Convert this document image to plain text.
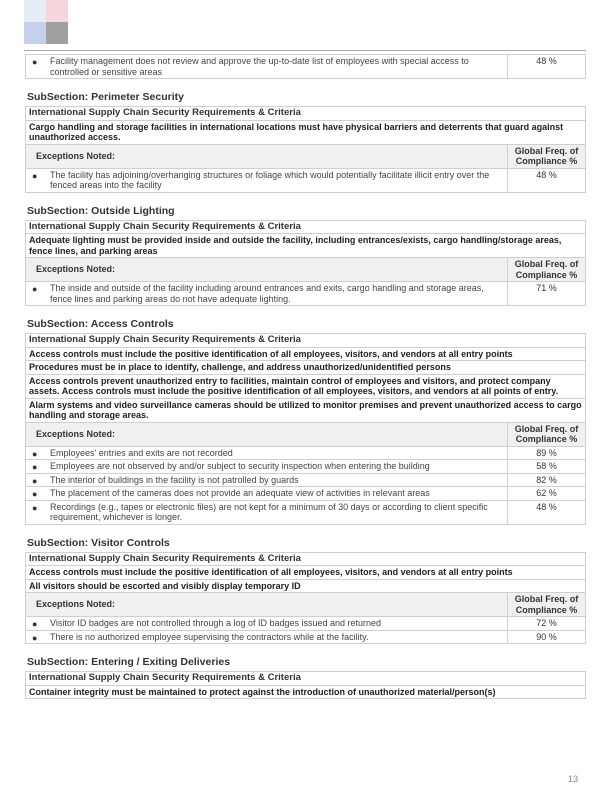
● Facility management does not review and approve the up-to-date list of employees with special access to controlled or sensitive areas	48 %
SubSection: Perimeter Security
International Supply Chain Security Requirements & Criteria	
Cargo handling and storage facilities in international locations must have physical barriers and deterrents that guard against unauthorized access.	
Exceptions Noted:	Global Freq. of Compliance %

● The facility has adjoining/overhanging structures or foliage which would potentially facilitate illicit entry over the fenced areas into the facility	48 %
SubSection: Outside Lighting
International Supply Chain Security Requirements & Criteria	
Adequate lighting must be provided inside and outside the facility, including entrances/exists, cargo handling/storage areas, fence lines, and parking areas	
Exceptions Noted:	Global Freq. of Compliance %

● The inside and outside of the facility including around entrances and exits, cargo handling and storage areas, fence lines and parking areas do not have adequate lighting.	71 %
SubSection: Access Controls
International Supply Chain Security Requirements & Criteria	
Access controls must include the positive identification of all employees, visitors, and vendors at all entry points	
Procedures must be in place to identify, challenge, and address unauthorized/unidentified persons	
Access controls prevent unauthorized entry to facilities, maintain control of employees and visitors, and protect company assets. Access controls must include the positive identification of all employees, visitors, and vendors at all points of entry.	
Alarm systems and video surveillance cameras should be utilized to monitor premises and prevent unauthorized access to cargo handling and storage areas.	
Exceptions Noted:	Global Freq. of Compliance %

● Employees' entries and exits are not recorded	89 %

● Employees are not observed by and/or subject to security inspection when entering the building	58 %

● The interior of buildings in the facility is not patrolled by guards	82 %

● The placement of the cameras does not provide an adequate view of activities in relevant areas	62 %

● Recordings (e.g., tapes or electronic files) are not kept for a minimum of 30 days or according to client specific requirement, whichever is longer.	48 %
SubSection: Visitor Controls
International Supply Chain Security Requirements & Criteria	
Access controls must include the positive identification of all employees, visitors, and vendors at all entry points	
All visitors should be escorted and visibly display temporary ID	
Exceptions Noted:	Global Freq. of Compliance %

● Visitor ID badges are not controlled through a log of ID badges issued and returned	72 %

● There is no authorized employee supervising the contractors while at the facility.	90 %
SubSection: Entering / Exiting Deliveries
International Supply Chain Security Requirements & Criteria
Container integrity must be maintained to protect against the introduction of unauthorized material/person(s)
13
